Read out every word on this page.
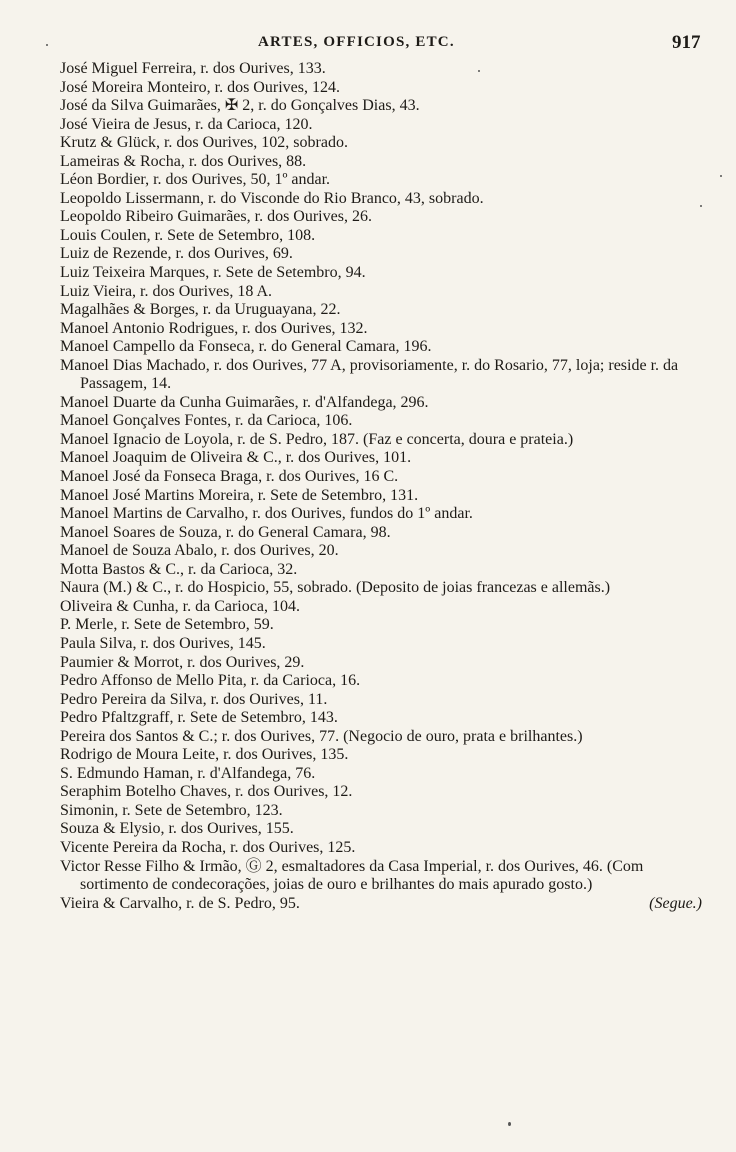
ARTES, OFFICIOS, ETC.	917
José Miguel Ferreira, r. dos Ourives, 133.
José Moreira Monteiro, r. dos Ourives, 124.
José da Silva Guimarães, ✠ 2, r. do Gonçalves Dias, 43.
José Vieira de Jesus, r. da Carioca, 120.
Krutz & Glück, r. dos Ourives, 102, sobrado.
Lameiras & Rocha, r. dos Ourives, 88.
Léon Bordier, r. dos Ourives, 50, 1º andar.
Leopoldo Lissermann, r. do Visconde do Rio Branco, 43, sobrado.
Leopoldo Ribeiro Guimarães, r. dos Ourives, 26.
Louis Coulen, r. Sete de Setembro, 108.
Luiz de Rezende, r. dos Ourives, 69.
Luiz Teixeira Marques, r. Sete de Setembro, 94.
Luiz Vieira, r. dos Ourives, 18 A.
Magalhães & Borges, r. da Uruguayana, 22.
Manoel Antonio Rodrigues, r. dos Ourives, 132.
Manoel Campello da Fonseca, r. do General Camara, 196.
Manoel Dias Machado, r. dos Ourives, 77 A, provisoriamente, r. do Rosario, 77, loja; reside r. da Passagem, 14.
Manoel Duarte da Cunha Guimarães, r. d'Alfandega, 296.
Manoel Gonçalves Fontes, r. da Carioca, 106.
Manoel Ignacio de Loyola, r. de S. Pedro, 187. (Faz e concerta, doura e prateia.)
Manoel Joaquim de Oliveira & C., r. dos Ourives, 101.
Manoel José da Fonseca Braga, r. dos Ourives, 16 C.
Manoel José Martins Moreira, r. Sete de Setembro, 131.
Manoel Martins de Carvalho, r. dos Ourives, fundos do 1º andar.
Manoel Soares de Souza, r. do General Camara, 98.
Manoel de Souza Abalo, r. dos Ourives, 20.
Motta Bastos & C., r. da Carioca, 32.
Naura (M.) & C., r. do Hospicio, 55, sobrado. (Deposito de joias francezas e allemãs.)
Oliveira & Cunha, r. da Carioca, 104.
P. Merle, r. Sete de Setembro, 59.
Paula Silva, r. dos Ourives, 145.
Paumier & Morrot, r. dos Ourives, 29.
Pedro Affonso de Mello Pita, r. da Carioca, 16.
Pedro Pereira da Silva, r. dos Ourives, 11.
Pedro Pfaltzgraff, r. Sete de Setembro, 143.
Pereira dos Santos & C.; r. dos Ourives, 77. (Negocio de ouro, prata e brilhantes.)
Rodrigo de Moura Leite, r. dos Ourives, 135.
S. Edmundo Haman, r. d'Alfandega, 76.
Seraphim Botelho Chaves, r. dos Ourives, 12.
Simonin, r. Sete de Setembro, 123.
Souza & Elysio, r. dos Ourives, 155.
Vicente Pereira da Rocha, r. dos Ourives, 125.
Victor Resse Filho & Irmão, Ⓖ 2, esmaltadores da Casa Imperial, r. dos Ourives, 46. (Com sortimento de condecorações, joias de ouro e brilhantes do mais apurado gosto.)
Vieira & Carvalho, r. de S. Pedro, 95.	(Segue.)
